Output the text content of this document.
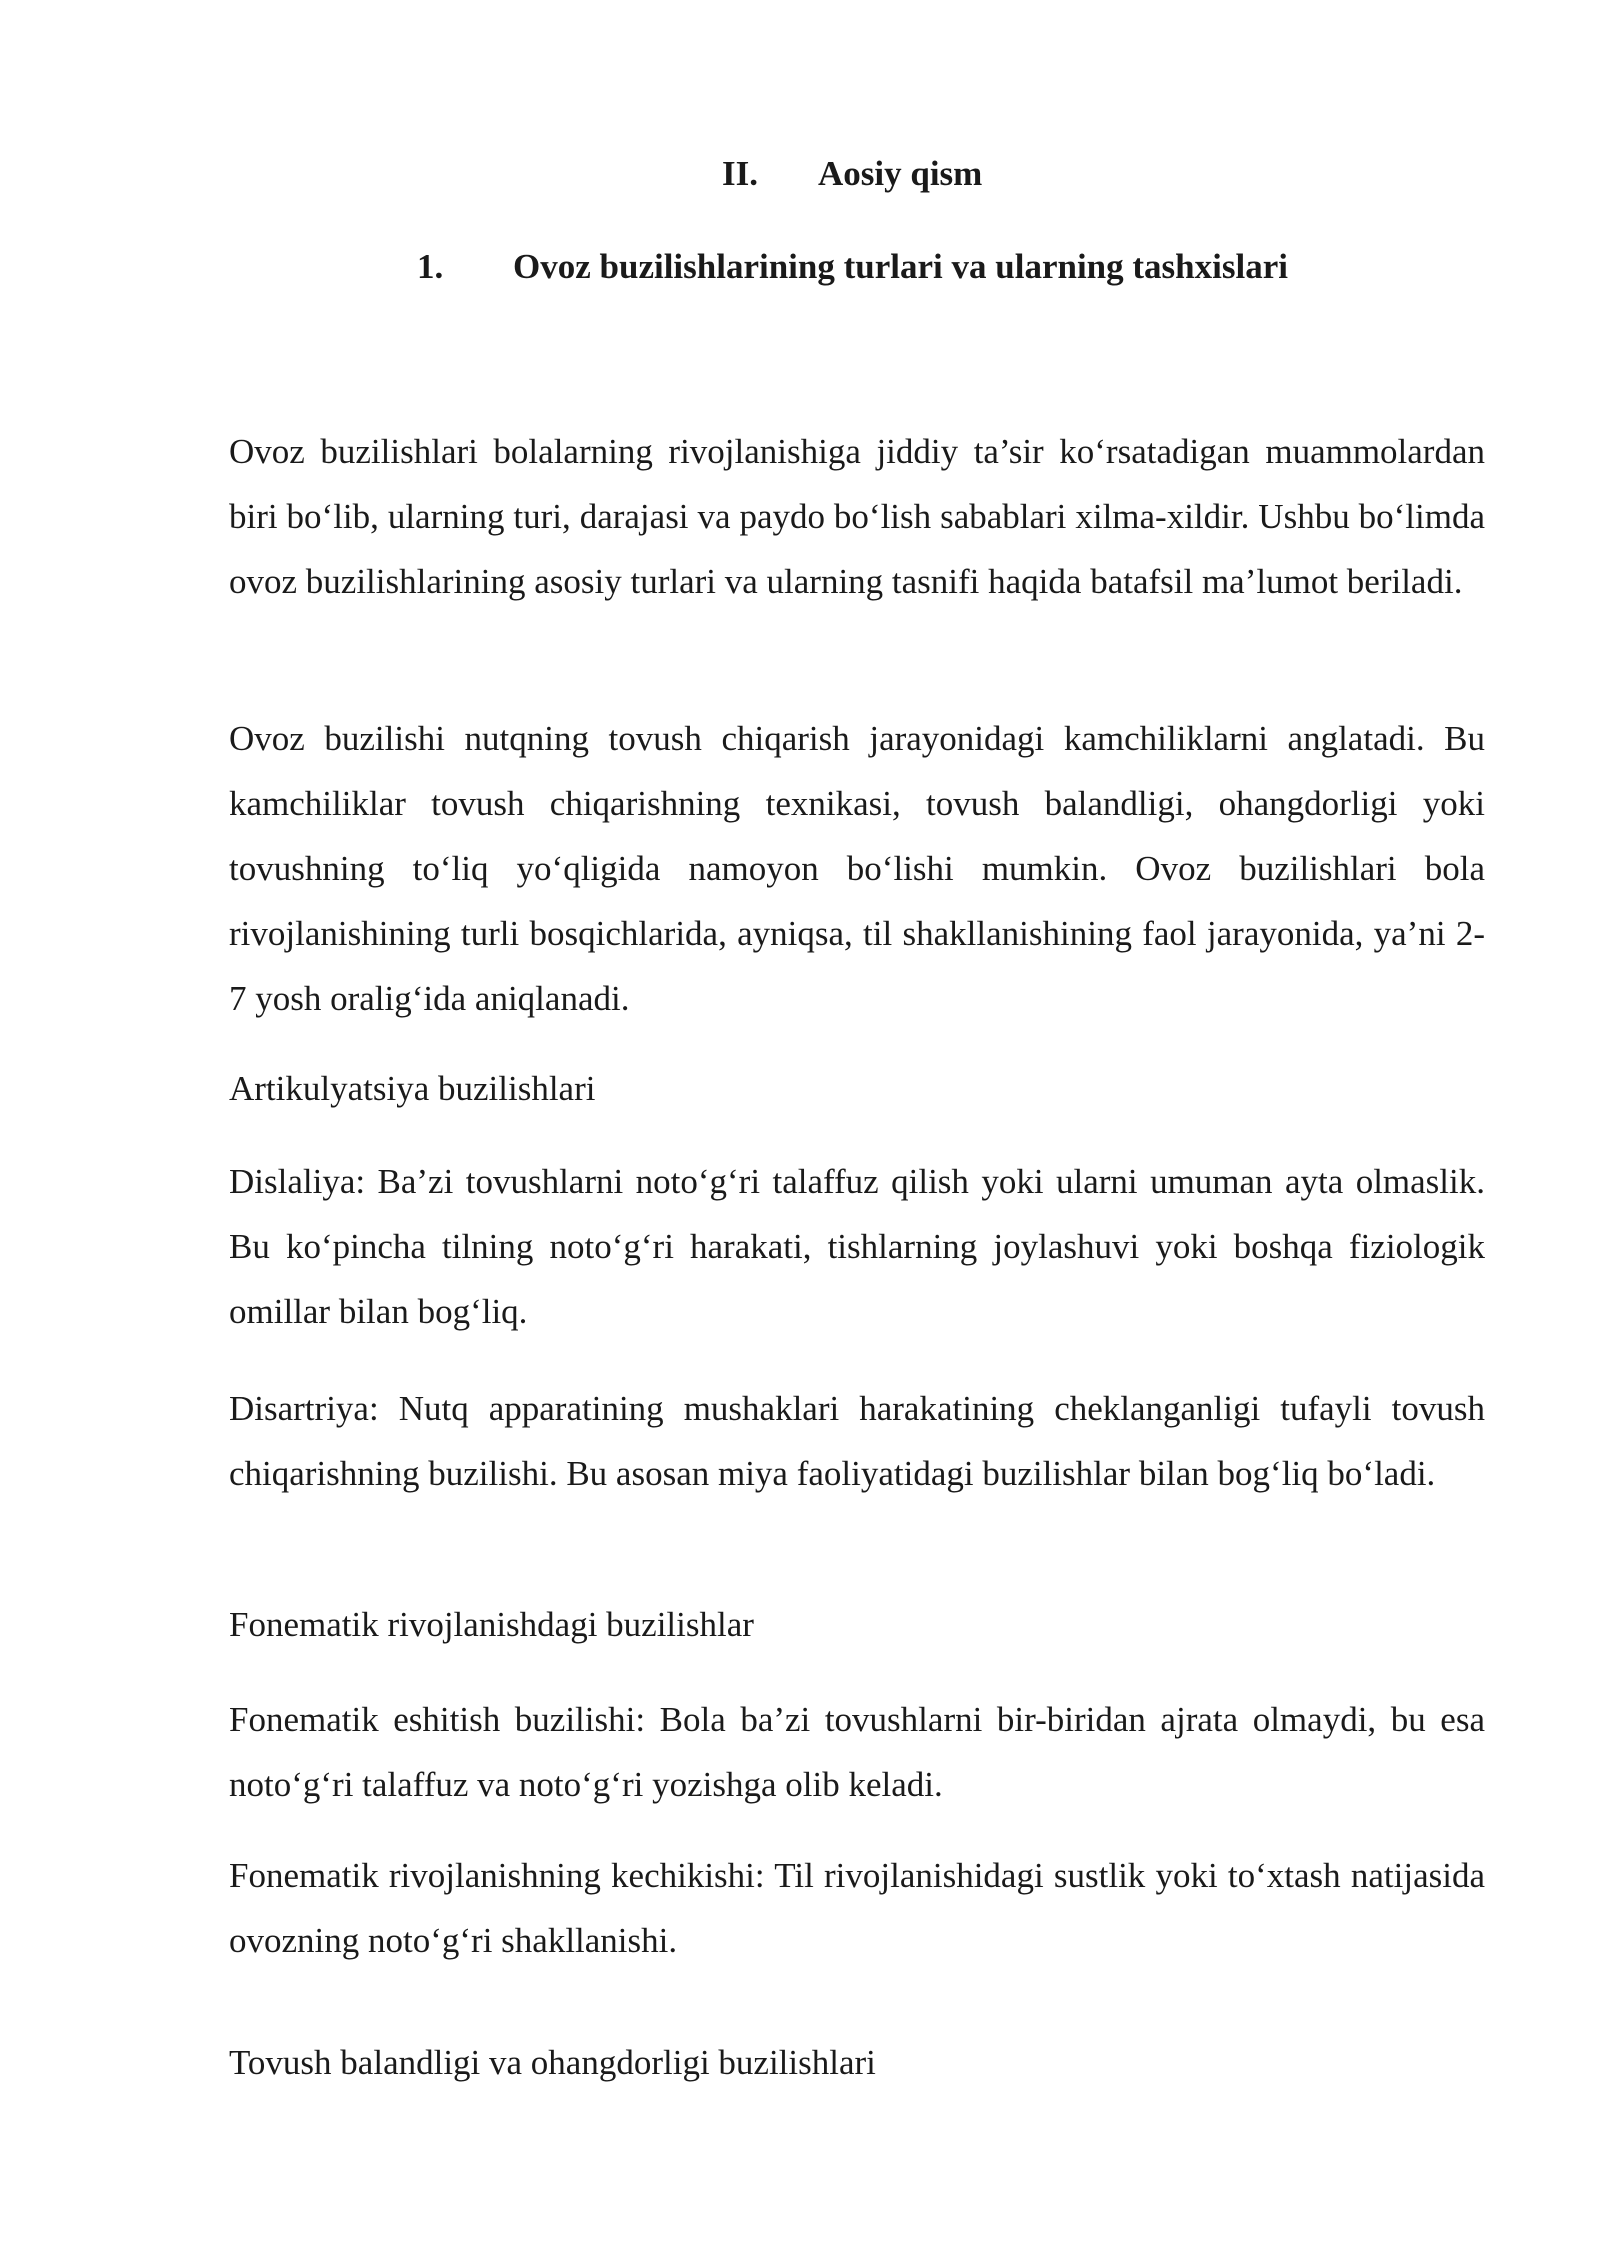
II. Aosiy qism
1. Ovoz buzilishlarining turlari va ularning tashxislari

Ovoz buzilishlari bolalarning rivojlanishiga jiddiy ta’sir ko‘rsatadigan muammolardan biri bo‘lib, ularning turi, darajasi va paydo bo‘lish sabablari xilma-xildir. Ushbu bo‘limda ovoz buzilishlarining asosiy turlari va ularning tasnifi haqida batafsil ma’lumot beriladi.

Ovoz buzilishi nutqning tovush chiqarish jarayonidagi kamchiliklarni anglatadi. Bu kamchiliklar tovush chiqarishning texnikasi, tovush balandligi, ohangdorligi yoki tovushning to‘liq yo‘qligida namoyon bo‘lishi mumkin. Ovoz buzilishlari bola rivojlanishining turli bosqichlarida, ayniqsa, til shakllanishining faol jarayonida, ya’ni 2-7 yosh oralig‘ida aniqlanadi.

Artikulyatsiya buzilishlari

Dislaliya: Ba’zi tovushlarni noto‘g‘ri talaffuz qilish yoki ularni umuman ayta olmaslik. Bu ko‘pincha tilning noto‘g‘ri harakati, tishlarning joylashuvi yoki boshqa fiziologik omillar bilan bog‘liq.

Disartriya: Nutq apparatining mushaklari harakatining cheklanganligi tufayli tovush chiqarishning buzilishi. Bu asosan miya faoliyatidagi buzilishlar bilan bog‘liq bo‘ladi.

Fonematik rivojlanishdagi buzilishlar

Fonematik eshitish buzilishi: Bola ba’zi tovushlarni bir-biridan ajrata olmaydi, bu esa noto‘g‘ri talaffuz va noto‘g‘ri yozishga olib keladi.

Fonematik rivojlanishning kechikishi: Til rivojlanishidagi sustlik yoki to‘xtash natijasida ovozning noto‘g‘ri shakllanishi.

Tovush balandligi va ohangdorligi buzilishlari
